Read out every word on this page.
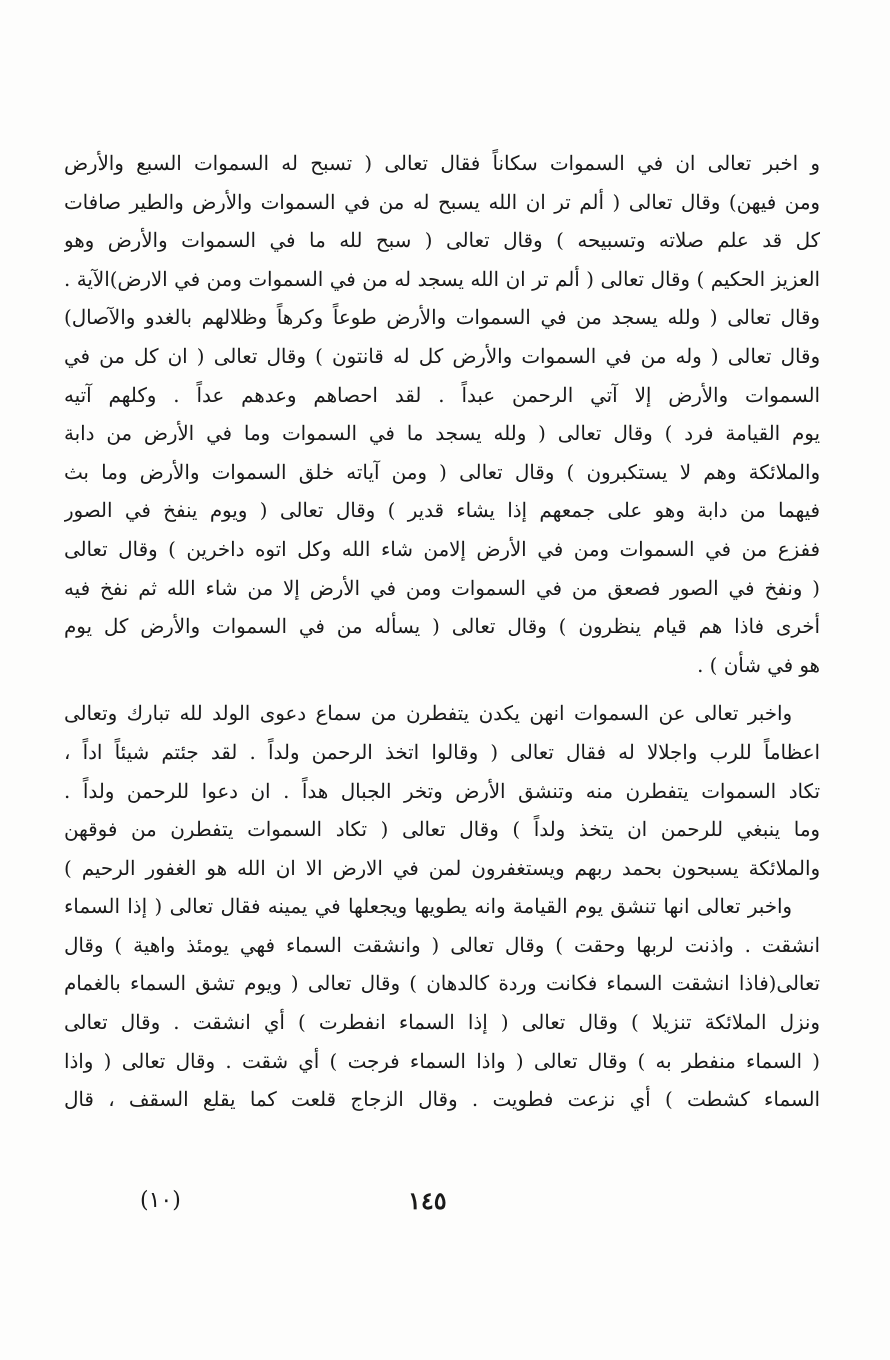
و اخبر تعالى ان في السموات سكاناً فقال تعالى ( تسبح له السموات السبع والأرض
ومن فيهن) وقال تعالى ( ألم تر ان الله يسبح له من في السموات والأرض والطير صافات
كل قد علم صلاته وتسبيحه ) وقال تعالى ( سبح لله ما في السموات والأرض وهو
العزيز الحكيم ) وقال تعالى ( ألم تر ان الله يسجد له من في السموات ومن في الارض)الآية .
وقال تعالى ( ولله يسجد من في السموات والأرض طوعاً وكرهاً وظلالهم بالغدو والآصال)
وقال تعالى ( وله من في السموات والأرض كل له قانتون ) وقال تعالى ( ان كل من في
السموات والأرض إلا آتي الرحمن عبداً . لقد احصاهم وعدهم عداً . وكلهم آتيه
يوم القيامة فرد ) وقال تعالى ( ولله يسجد ما في السموات وما في الأرض من دابة
والملائكة وهم لا يستكبرون ) وقال تعالى ( ومن آياته خلق السموات والأرض وما بث
فيهما من دابة وهو على جمعهم إذا يشاء قدير ) وقال تعالى ( ويوم ينفخ في الصور
ففزع من في السموات ومن في الأرض إلامن شاء الله وكل اتوه داخرين ) وقال تعالى
( ونفخ في الصور فصعق من في السموات ومن في الأرض إلا من شاء الله ثم نفخ فيه
أخرى فاذا هم قيام ينظرون ) وقال تعالى ( يسأله من في السموات والأرض كل يوم
هو في شأن ) .
واخبر تعالى عن السموات انهن يكدن يتفطرن من سماع دعوى الولد لله تبارك وتعالى
اعظاماً للرب واجلالا له فقال تعالى ( وقالوا اتخذ الرحمن ولداً . لقد جئتم شيئاً اداً ،
تكاد السموات يتفطرن منه وتنشق الأرض وتخر الجبال هداً . ان دعوا للرحمن ولداً .
وما ينبغي للرحمن ان يتخذ ولداً ) وقال تعالى ( تكاد السموات يتفطرن من فوقهن
والملائكة يسبحون بحمد ربهم ويستغفرون لمن في الارض الا ان الله هو الغفور الرحيم )
واخبر تعالى انها تنشق يوم القيامة وانه يطويها ويجعلها في يمينه فقال تعالى ( إذا السماء
انشقت . واذنت لربها وحقت ) وقال تعالى ( وانشقت السماء فهي يومئذ واهية ) وقال
تعالى(فاذا انشقت السماء فكانت وردة كالدهان ) وقال تعالى ( ويوم تشق السماء بالغمام
ونزل الملائكة تنزيلا ) وقال تعالى ( إذا السماء انفطرت ) أي انشقت . وقال تعالى
( السماء منفطر به ) وقال تعالى ( واذا السماء فرجت ) أي شقت . وقال تعالى ( واذا
السماء كشطت ) أي نزعت فطويت . وقال الزجاج قلعت كما يقلع السقف ، قال
(١٠)	١٤٥
